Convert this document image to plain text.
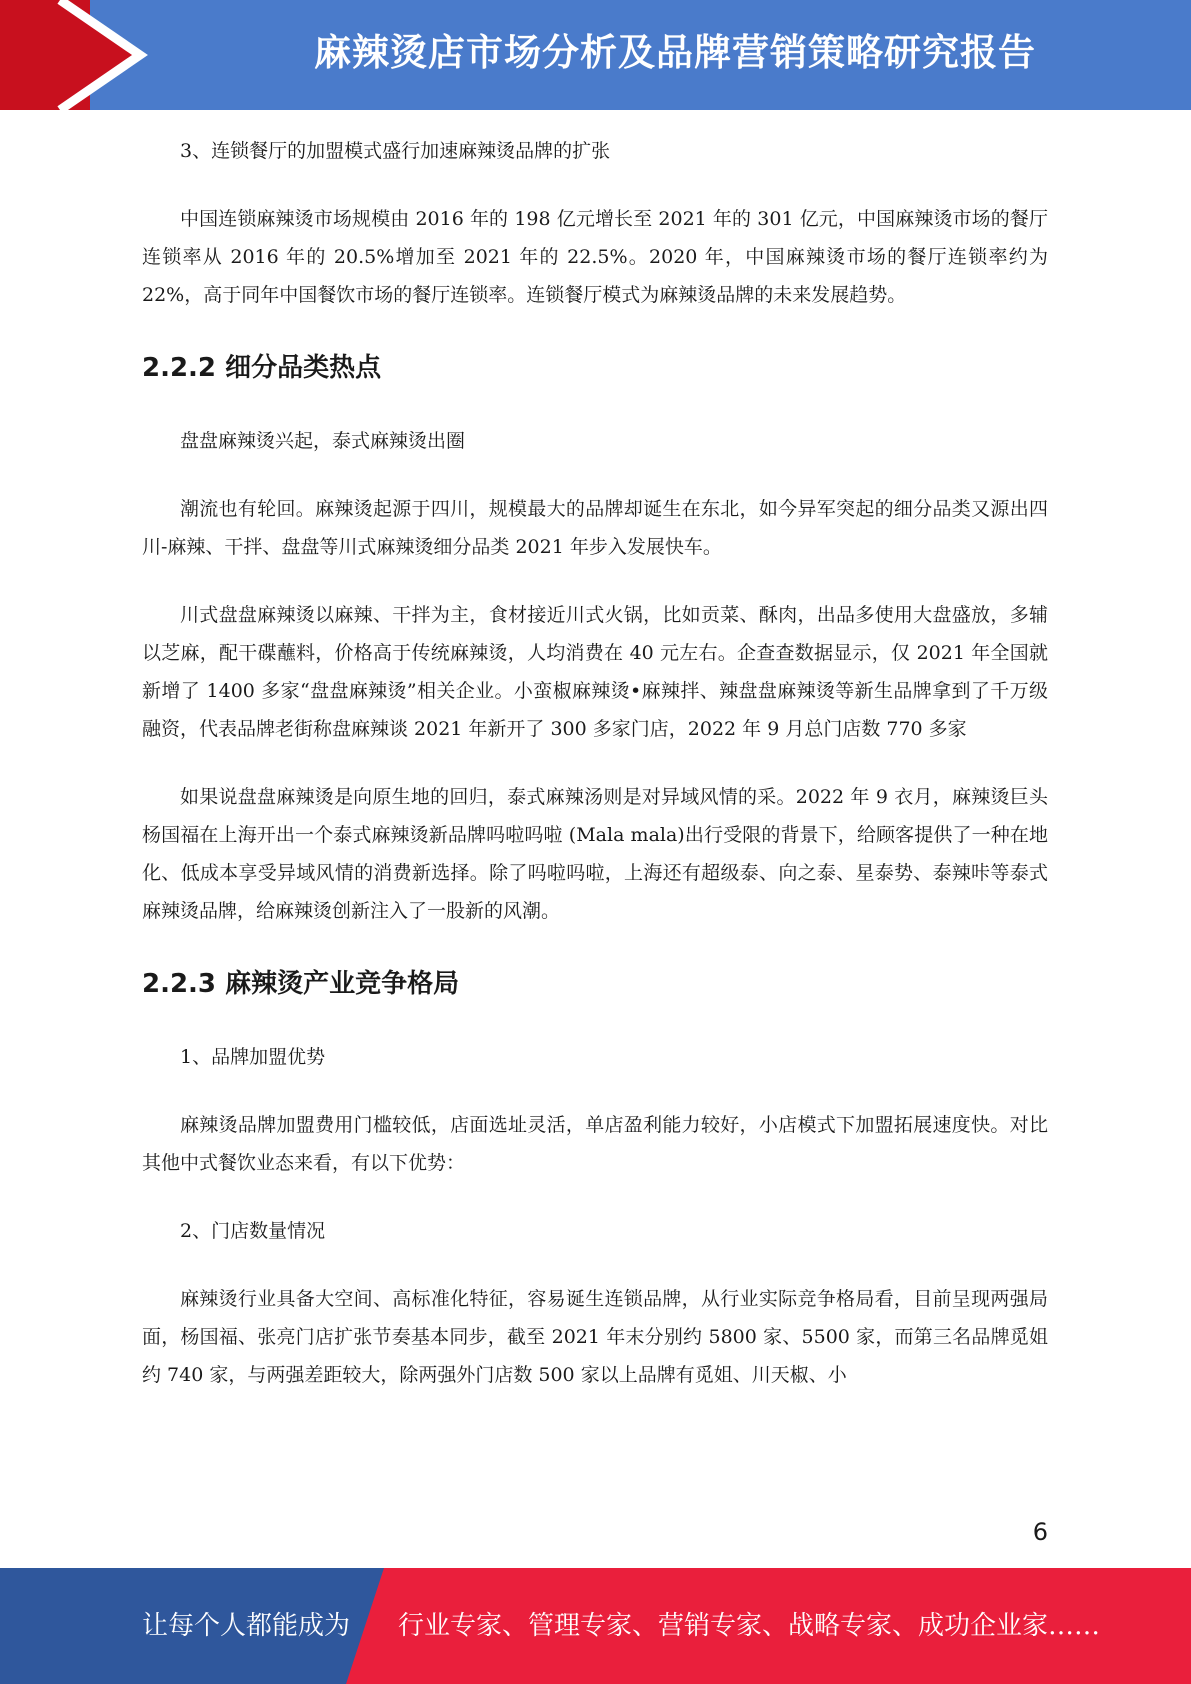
麻辣烫店市场分析及品牌营销策略研究报告

3、连锁餐厅的加盟模式盛行加速麻辣烫品牌的扩张

中国连锁麻辣烫市场规模由 2016 年的 198 亿元增长至 2021 年的 301 亿元，中国麻辣烫市场的餐厅连锁率从 2016 年的 20.5%增加至 2021 年的 22.5%。2020 年，中国麻辣烫市场的餐厅连锁率约为 22%，高于同年中国餐饮市场的餐厅连锁率。连锁餐厅模式为麻辣烫品牌的未来发展趋势。

2.2.2 细分品类热点

盘盘麻辣烫兴起，泰式麻辣烫出圈

潮流也有轮回。麻辣烫起源于四川，规模最大的品牌却诞生在东北，如今异军突起的细分品类又源出四川-麻辣、干拌、盘盘等川式麻辣烫细分品类 2021 年步入发展快车。

川式盘盘麻辣烫以麻辣、干拌为主，食材接近川式火锅，比如贡菜、酥肉，出品多使用大盘盛放，多辅以芝麻，配干碟蘸料，价格高于传统麻辣烫，人均消费在 40 元左右。企查查数据显示，仅 2021 年全国就新增了 1400 多家“盘盘麻辣烫”相关企业。小蛮椒麻辣烫•麻辣拌、辣盘盘麻辣烫等新生品牌拿到了千万级融资，代表品牌老街称盘麻辣谈 2021 年新开了 300 多家门店，2022 年 9 月总门店数 770 多家

如果说盘盘麻辣烫是向原生地的回归，泰式麻辣汤则是对异域风情的采。2022 年 9 衣月，麻辣烫巨头杨国福在上海开出一个泰式麻辣烫新品牌吗啦吗啦 (Mala mala)出行受限的背景下，给顾客提供了一种在地化、低成本享受异域风情的消费新选择。除了吗啦吗啦，上海还有超级泰、向之泰、星泰势、泰辣咔等泰式麻辣烫品牌，给麻辣烫创新注入了一股新的风潮。

2.2.3 麻辣烫产业竞争格局

1、品牌加盟优势

麻辣烫品牌加盟费用门槛较低，店面选址灵活，单店盈利能力较好，小店模式下加盟拓展速度快。对比其他中式餐饮业态来看，有以下优势：

2、门店数量情况

麻辣烫行业具备大空间、高标准化特征，容易诞生连锁品牌，从行业实际竞争格局看，目前呈现两强局面，杨国福、张亮门店扩张节奏基本同步，截至 2021 年末分别约 5800 家、5500 家，而第三名品牌觅姐约 740 家，与两强差距较大，除两强外门店数 500 家以上品牌有觅姐、川天椒、小

6
让每个人都能成为 行业专家、管理专家、营销专家、战略专家、成功企业家……
